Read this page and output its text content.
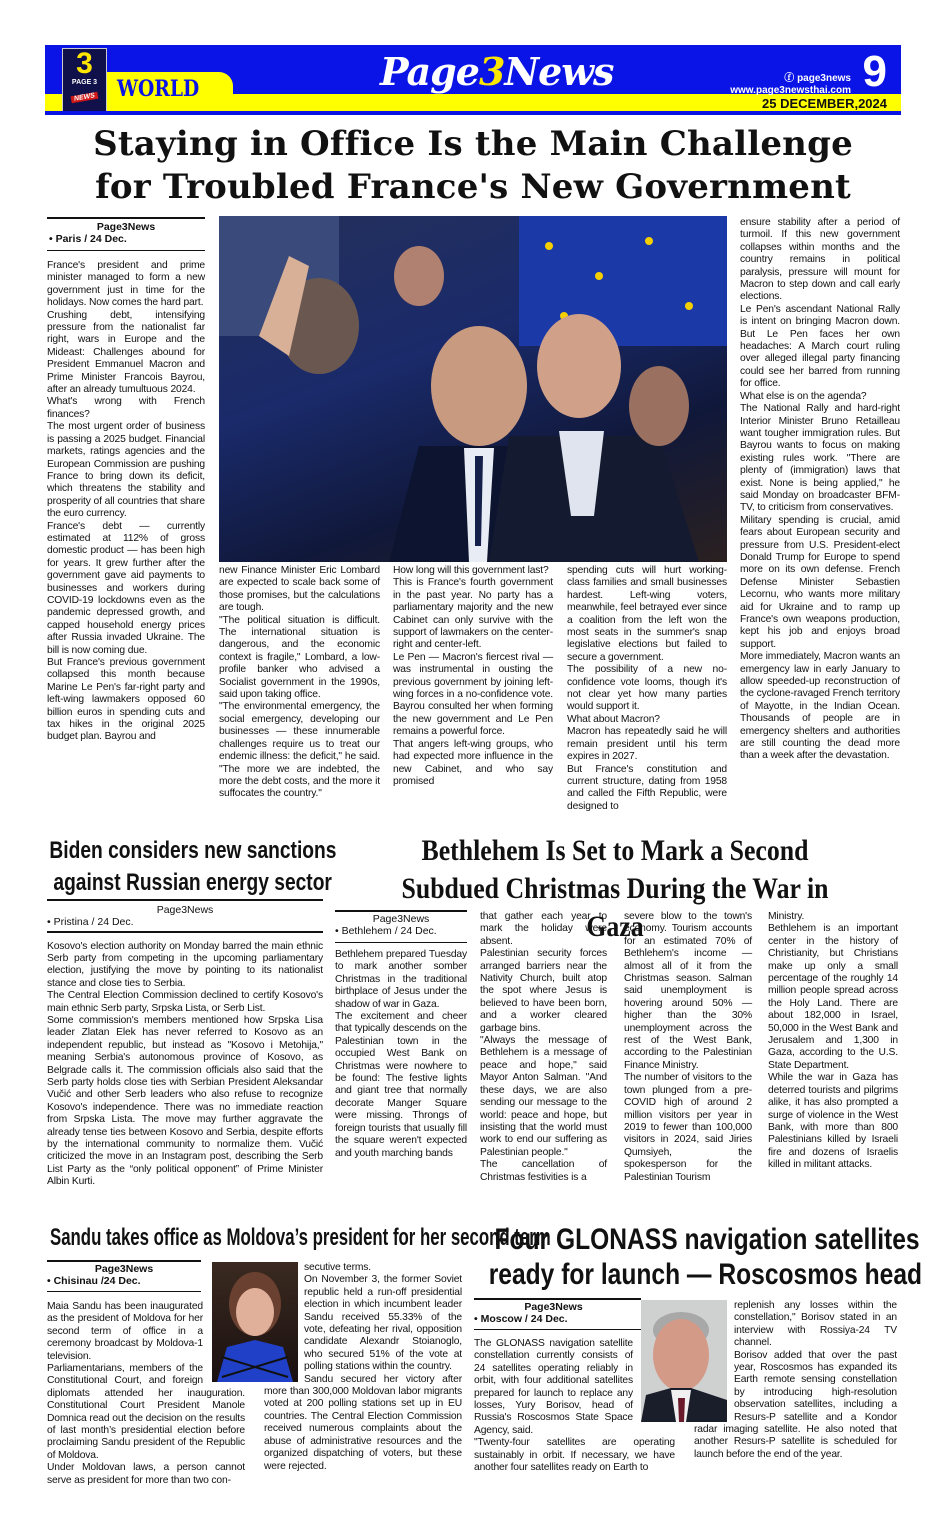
WORLD
3
PAGE 3
NEWS
Page3News	ⓕ page3news
www.page3newsthai.com 9
25 DECEMBER,2024
Staying in Office Is the Main Challenge
for Troubled France's New Government
Page3News
• Paris / 24 Dec.

France's president and prime minister managed to form a new government just in time for the holidays. Now comes the hard part.

Crushing debt, intensifying pressure from the nationalist far right, wars in Europe and the Mideast: Challenges abound for President Emmanuel Macron and Prime Minister Francois Bayrou, after an already tumultuous 2024.

What's wrong with French finances?

The most urgent order of business is passing a 2025 budget. Financial markets, ratings agencies and the European Commission are pushing France to bring down its deficit, which threatens the stability and prosperity of all countries that share the euro currency.

France's debt — currently estimated at 112% of gross domestic product — has been high for years. It grew further after the government gave aid payments to businesses and workers during COVID-19 lockdowns even as the pandemic depressed growth, and capped household energy prices after Russia invaded Ukraine. The bill is now coming due.

But France's previous government collapsed this month because Marine Le Pen's far-right party and left-wing lawmakers opposed 60 billion euros in spending cuts and tax hikes in the original 2025 budget plan. Bayrou and

new Finance Minister Eric Lombard are expected to scale back some of those promises, but the calculations are tough.

"The political situation is difficult. The international situation is dangerous, and the economic context is fragile," Lombard, a low-profile banker who advised a Socialist government in the 1990s, said upon taking office.

"The environmental emergency, the social emergency, developing our businesses — these innumerable challenges require us to treat our endemic illness: the deficit," he said. "The more we are indebted, the more the debt costs, and the more it suffocates the country."

How long will this government last?

This is France's fourth government in the past year. No party has a parliamentary majority and the new Cabinet can only survive with the support of lawmakers on the center-right and center-left.

Le Pen — Macron's fiercest rival — was instrumental in ousting the previous government by joining left-wing forces in a no-confidence vote. Bayrou consulted her when forming the new government and Le Pen remains a powerful force.

That angers left-wing groups, who had expected more influence in the new Cabinet, and who say promised

spending cuts will hurt working-class families and small businesses hardest. Left-wing voters, meanwhile, feel betrayed ever since a coalition from the left won the most seats in the summer's snap legislative elections but failed to secure a government.

The possibility of a new no-confidence vote looms, though it's not clear yet how many parties would support it.

What about Macron?

Macron has repeatedly said he will remain president until his term expires in 2027.

But France's constitution and current structure, dating from 1958 and called the Fifth Republic, were designed to

ensure stability after a period of turmoil. If this new government collapses within months and the country remains in political paralysis, pressure will mount for Macron to step down and call early elections.

Le Pen's ascendant National Rally is intent on bringing Macron down. But Le Pen faces her own headaches: A March court ruling over alleged illegal party financing could see her barred from running for office.

What else is on the agenda?

The National Rally and hard-right Interior Minister Bruno Retailleau want tougher immigration rules. But Bayrou wants to focus on making existing rules work. "There are plenty of (immigration) laws that exist. None is being applied," he said Monday on broadcaster BFM-TV, to criticism from conservatives.

Military spending is crucial, amid fears about European security and pressure from U.S. President-elect Donald Trump for Europe to spend more on its own defense. French Defense Minister Sebastien Lecornu, who wants more military aid for Ukraine and to ramp up France's own weapons production, kept his job and enjoys broad support.

More immediately, Macron wants an emergency law in early January to allow speeded-up reconstruction of the cyclone-ravaged French territory of Mayotte, in the Indian Ocean. Thousands of people are in emergency shelters and authorities are still counting the dead more than a week after the devastation.

Biden considers new sanctions
against Russian energy sector
Page3News
• Pristina / 24 Dec.

Kosovo's election authority on Monday barred the main ethnic Serb party from competing in the upcoming parliamentary election, justifying the move by pointing to its nationalist stance and close ties to Serbia.

The Central Election Commission declined to certify Kosovo's main ethnic Serb party, Srpska Lista, or Serb List.

Some commission's members mentioned how Srpska Lisa leader Zlatan Elek has never referred to Kosovo as an independent republic, but instead as "Kosovo i Metohija," meaning Serbia's autonomous province of Kosovo, as Belgrade calls it. The commission officials also said that the Serb party holds close ties with Serbian President Aleksandar Vučić and other Serb leaders who also refuse to recognize Kosovo's independence. There was no immediate reaction from Srpska Lista. The move may further aggravate the already tense ties between Kosovo and Serbia, despite efforts by the international community to normalize them. Vučić criticized the move in an Instagram post, describing the Serb List Party as the “only political opponent” of Prime Minister Albin Kurti.

Bethlehem Is Set to Mark a Second
Subdued Christmas During the War in Gaza
Page3News
• Bethlehem / 24 Dec.

Bethlehem prepared Tuesday to mark another somber Christmas in the traditional birthplace of Jesus under the shadow of war in Gaza.

The excitement and cheer that typically descends on the Palestinian town in the occupied West Bank on Christmas were nowhere to be found: The festive lights and giant tree that normally decorate Manger Square were missing. Throngs of foreign tourists that usually fill the square weren't expected and youth marching bands

that gather each year to mark the holiday were absent.

Palestinian security forces arranged barriers near the Nativity Church, built atop the spot where Jesus is believed to have been born, and a worker cleared garbage bins.

"Always the message of Bethlehem is a message of peace and hope," said Mayor Anton Salman. "And these days, we are also sending our message to the world: peace and hope, but insisting that the world must work to end our suffering as Palestinian people."

The cancellation of Christmas festivities is a

severe blow to the town's economy. Tourism accounts for an estimated 70% of Bethlehem's income — almost all of it from the Christmas season. Salman said unemployment is hovering around 50% — higher than the 30% unemployment across the rest of the West Bank, according to the Palestinian Finance Ministry.

The number of visitors to the town plunged from a pre-COVID high of around 2 million visitors per year in 2019 to fewer than 100,000 visitors in 2024, said Jiries Qumsiyeh, the spokesperson for the Palestinian Tourism

Ministry.

Bethlehem is an important center in the history of Christianity, but Christians make up only a small percentage of the roughly 14 million people spread across the Holy Land. There are about 182,000 in Israel, 50,000 in the West Bank and Jerusalem and 1,300 in Gaza, according to the U.S. State Department.

While the war in Gaza has deterred tourists and pilgrims alike, it has also prompted a surge of violence in the West Bank, with more than 800 Palestinians killed by Israeli fire and dozens of Israelis killed in militant attacks.

Sandu takes office as Moldova’s president for her second term
Page3News
• Chisinau /24 Dec.

Maia Sandu has been inaugurated as the president of Moldova for her second term of office in a ceremony broadcast by Moldova-1 television.

Parliamentarians, members of the Constitutional Court, and foreign diplomats attended her inauguration. Constitutional Court President Manole Domnica read out the decision on the results of last month’s presidential election before proclaiming Sandu president of the Republic of Moldova.

Under Moldovan laws, a person cannot serve as president for more than two con-

secutive terms.

On November 3, the former Soviet republic held a run-off presidential election in which incumbent leader Sandu received 55.33% of the vote, defeating her rival, opposition candidate Alexandr Stoianoglo, who secured 51% of the vote at polling stations within the country.

Sandu secured her victory after more than 300,000 Moldovan labor migrants voted at 200 polling stations set up in EU countries. The Central Election Commission received numerous complaints about the abuse of administrative resources and the organized dispatching of voters, but these were rejected.

Four GLONASS navigation satellites
ready for launch — Roscosmos head
Page3News
• Moscow / 24 Dec.

The GLONASS navigation satellite constellation currently consists of 24 satellites operating reliably in orbit, with four additional satellites prepared for launch to replace any losses, Yury Borisov, head of Russia's Roscosmos State Space Agency, said.

"Twenty-four satellites are operating sustainably in orbit. If necessary, we have another four satellites ready on Earth to

replenish any losses within the constellation," Borisov stated in an interview with Rossiya-24 TV channel.

Borisov added that over the past year, Roscosmos has expanded its Earth remote sensing constellation by introducing high-resolution observation satellites, including a Resurs-P satellite and a Kondor radar imaging satellite. He also noted that another Resurs-P satellite is scheduled for launch before the end of the year.
